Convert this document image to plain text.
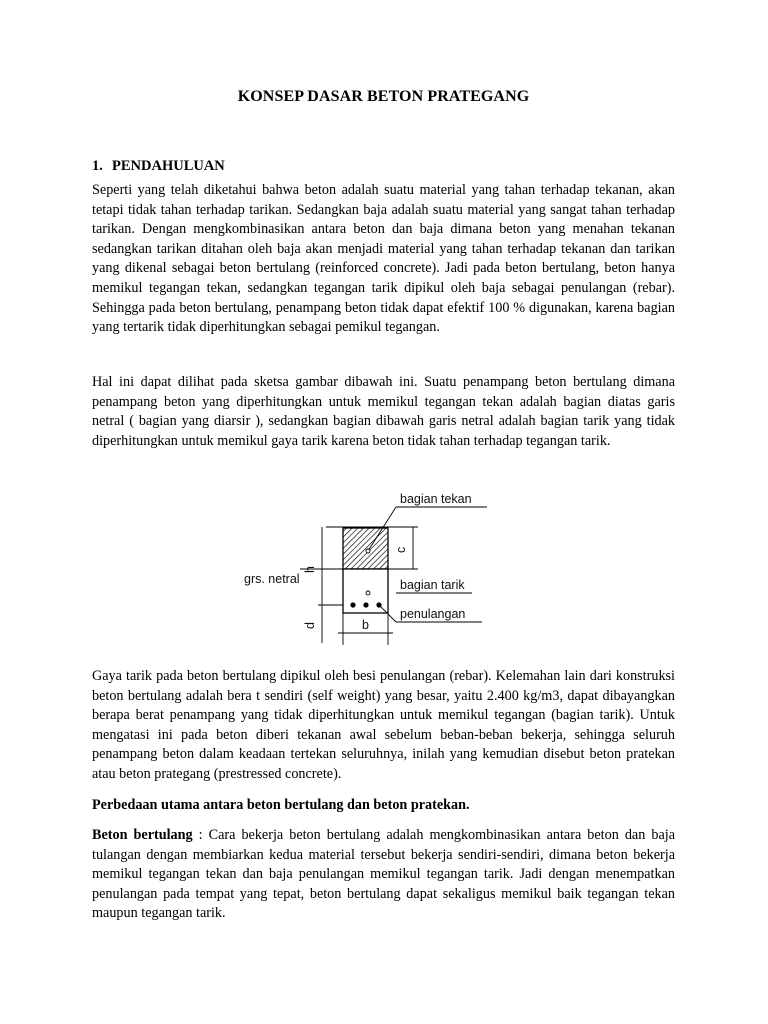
KONSEP DASAR BETON PRATEGANG
1. PENDAHULUAN

Seperti yang telah diketahui bahwa beton adalah suatu material yang tahan terhadap tekanan, akan tetapi tidak tahan terhadap tarikan. Sedangkan baja adalah suatu material yang sangat tahan terhadap tarikan. Dengan mengkombinasikan antara beton dan baja dimana beton yang menahan tekanan sedangkan tarikan ditahan oleh baja akan menjadi material yang tahan terhadap tekanan dan tarikan yang dikenal sebagai beton bertulang (reinforced concrete). Jadi pada beton bertulang, beton hanya memikul tegangan tekan, sedangkan tegangan tarik dipikul oleh baja sebagai penulangan (rebar). Sehingga pada beton bertulang, penampang beton tidak dapat efektif 100 % digunakan, karena bagian yang tertarik tidak diperhitungkan sebagai pemikul tegangan.

Hal ini dapat dilihat pada sketsa gambar dibawah ini. Suatu penampang beton bertulang dimana penampang beton yang diperhitungkan untuk memikul tegangan tekan adalah bagian diatas garis netral ( bagian yang diarsir ), sedangkan bagian dibawah garis netral adalah bagian tarik yang tidak diperhitungkan untuk memikul gaya tarik karena beton tidak tahan terhadap tegangan tarik.

bagian tekan
grs. netral
h
c
d
bagian tarik
penulangan
b

Gaya tarik pada beton bertulang dipikul oleh besi penulangan (rebar). Kelemahan lain dari konstruksi beton bertulang adalah bera t sendiri (self weight) yang besar, yaitu 2.400 kg/m3, dapat dibayangkan berapa berat penampang yang tidak diperhitungkan untuk memikul tegangan (bagian tarik). Untuk mengatasi ini pada beton diberi tekanan awal sebelum beban-beban bekerja, sehingga seluruh penampang beton dalam keadaan tertekan seluruhnya, inilah yang kemudian disebut beton pratekan atau beton prategang (prestressed concrete).

Perbedaan utama antara beton bertulang dan beton pratekan.

Beton bertulang : Cara bekerja beton bertulang adalah mengkombinasikan antara beton dan baja tulangan dengan membiarkan kedua material tersebut bekerja sendiri-sendiri, dimana beton bekerja memikul tegangan tekan dan baja penulangan memikul tegangan tarik. Jadi dengan menempatkan penulangan pada tempat yang tepat, beton bertulang dapat sekaligus memikul baik tegangan tekan maupun tegangan tarik.
